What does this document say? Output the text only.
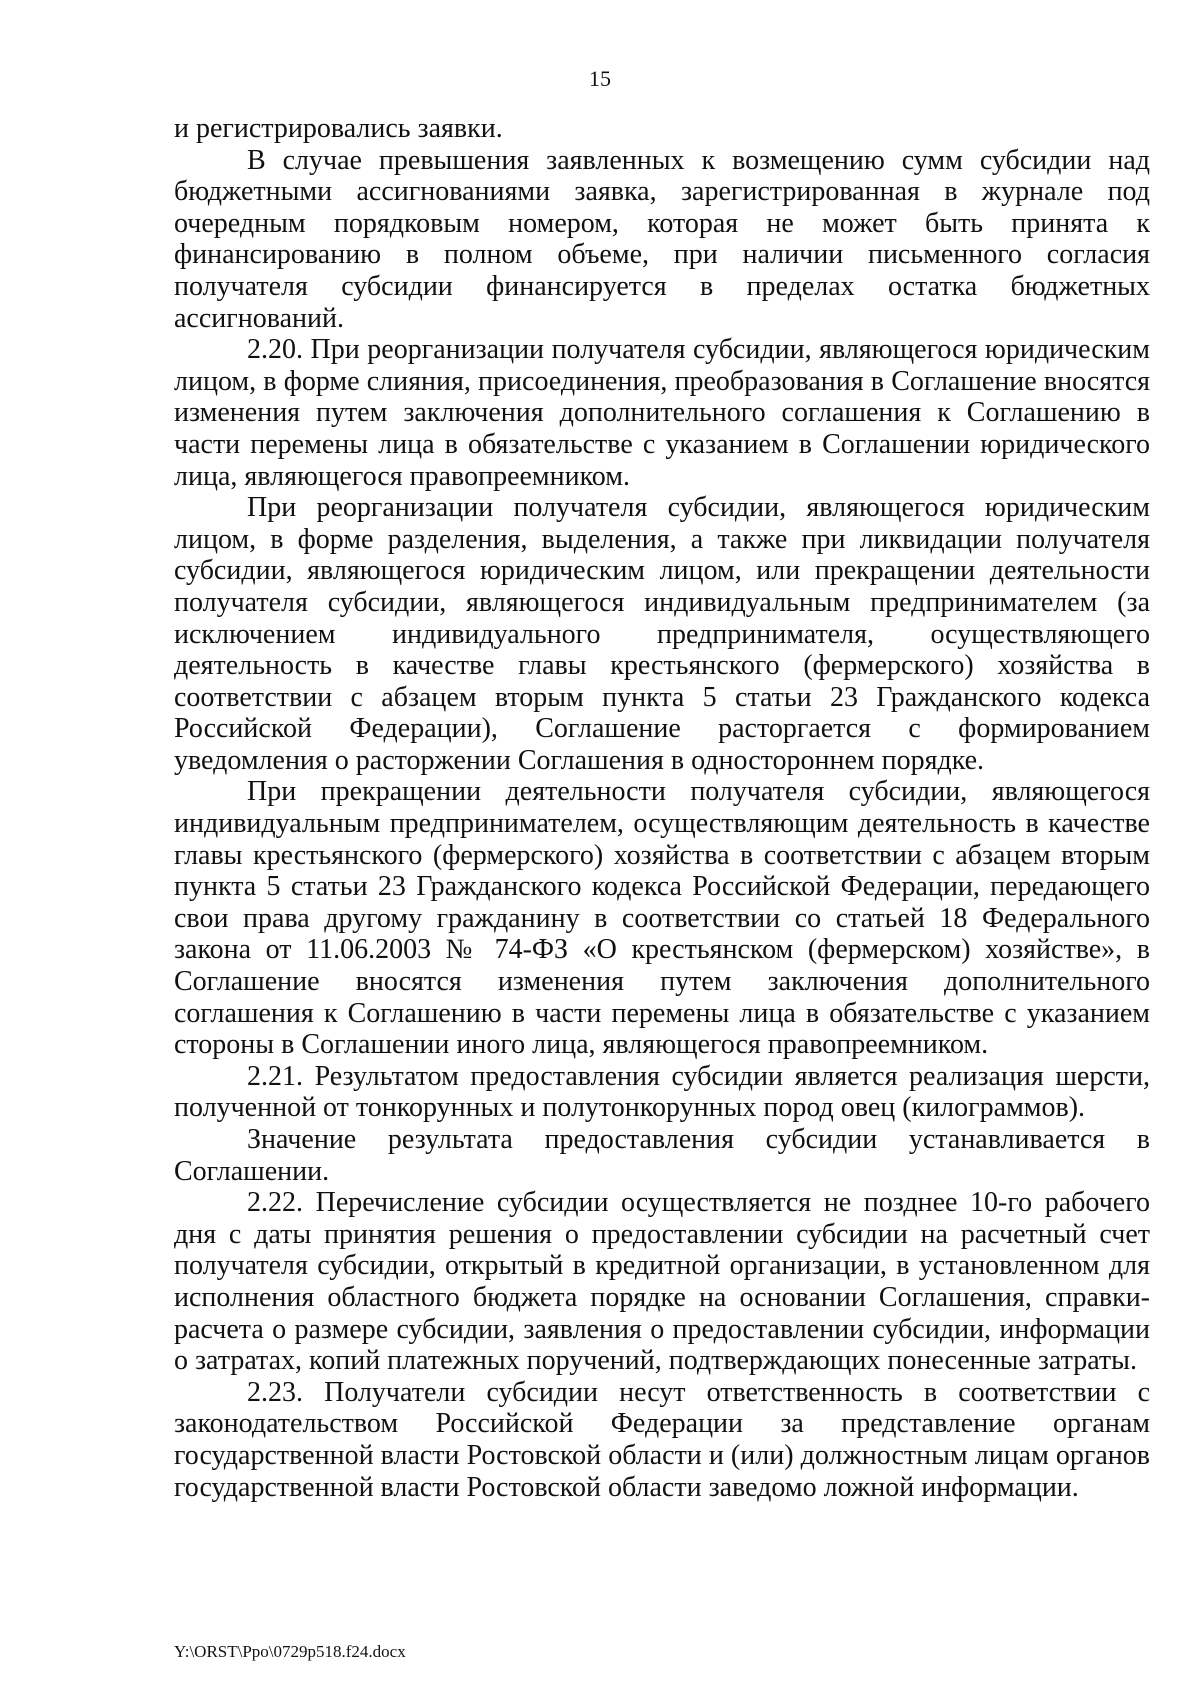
15

и регистрировались заявки.

В случае превышения заявленных к возмещению сумм субсидии над бюджетными ассигнованиями заявка, зарегистрированная в журнале под очередным порядковым номером, которая не может быть принята к финансированию в полном объеме, при наличии письменного согласия получателя субсидии финансируется в пределах остатка бюджетных ассигнований.

2.20. При реорганизации получателя субсидии, являющегося юридическим лицом, в форме слияния, присоединения, преобразования в Соглашение вносятся изменения путем заключения дополнительного соглашения к Соглашению в части перемены лица в обязательстве с указанием в Соглашении юридического лица, являющегося правопреемником.

При реорганизации получателя субсидии, являющегося юридическим лицом, в форме разделения, выделения, а также при ликвидации получателя субсидии, являющегося юридическим лицом, или прекращении деятельности получателя субсидии, являющегося индивидуальным предпринимателем (за исключением индивидуального предпринимателя, осуществляющего деятельность в качестве главы крестьянского (фермерского) хозяйства в соответствии с абзацем вторым пункта 5 статьи 23 Гражданского кодекса Российской Федерации), Соглашение расторгается с формированием уведомления о расторжении Соглашения в одностороннем порядке.

При прекращении деятельности получателя субсидии, являющегося индивидуальным предпринимателем, осуществляющим деятельность в качестве главы крестьянского (фермерского) хозяйства в соответствии с абзацем вторым пункта 5 статьи 23 Гражданского кодекса Российской Федерации, передающего свои права другому гражданину в соответствии со статьей 18 Федерального закона от 11.06.2003 № 74-ФЗ «О крестьянском (фермерском) хозяйстве», в Соглашение вносятся изменения путем заключения дополнительного соглашения к Соглашению в части перемены лица в обязательстве с указанием стороны в Соглашении иного лица, являющегося правопреемником.

2.21. Результатом предоставления субсидии является реализация шерсти, полученной от тонкорунных и полутонкорунных пород овец (килограммов).

Значение результата предоставления субсидии устанавливается в Соглашении.

2.22. Перечисление субсидии осуществляется не позднее 10-го рабочего дня с даты принятия решения о предоставлении субсидии на расчетный счет получателя субсидии, открытый в кредитной организации, в установленном для исполнения областного бюджета порядке на основании Соглашения, справки-расчета о размере субсидии, заявления о предоставлении субсидии, информации о затратах, копий платежных поручений, подтверждающих понесенные затраты.

2.23. Получатели субсидии несут ответственность в соответствии с законодательством Российской Федерации за представление органам государственной власти Ростовской области и (или) должностным лицам органов государственной власти Ростовской области заведомо ложной информации.

Y:\ORST\Ppo\0729p518.f24.docx
